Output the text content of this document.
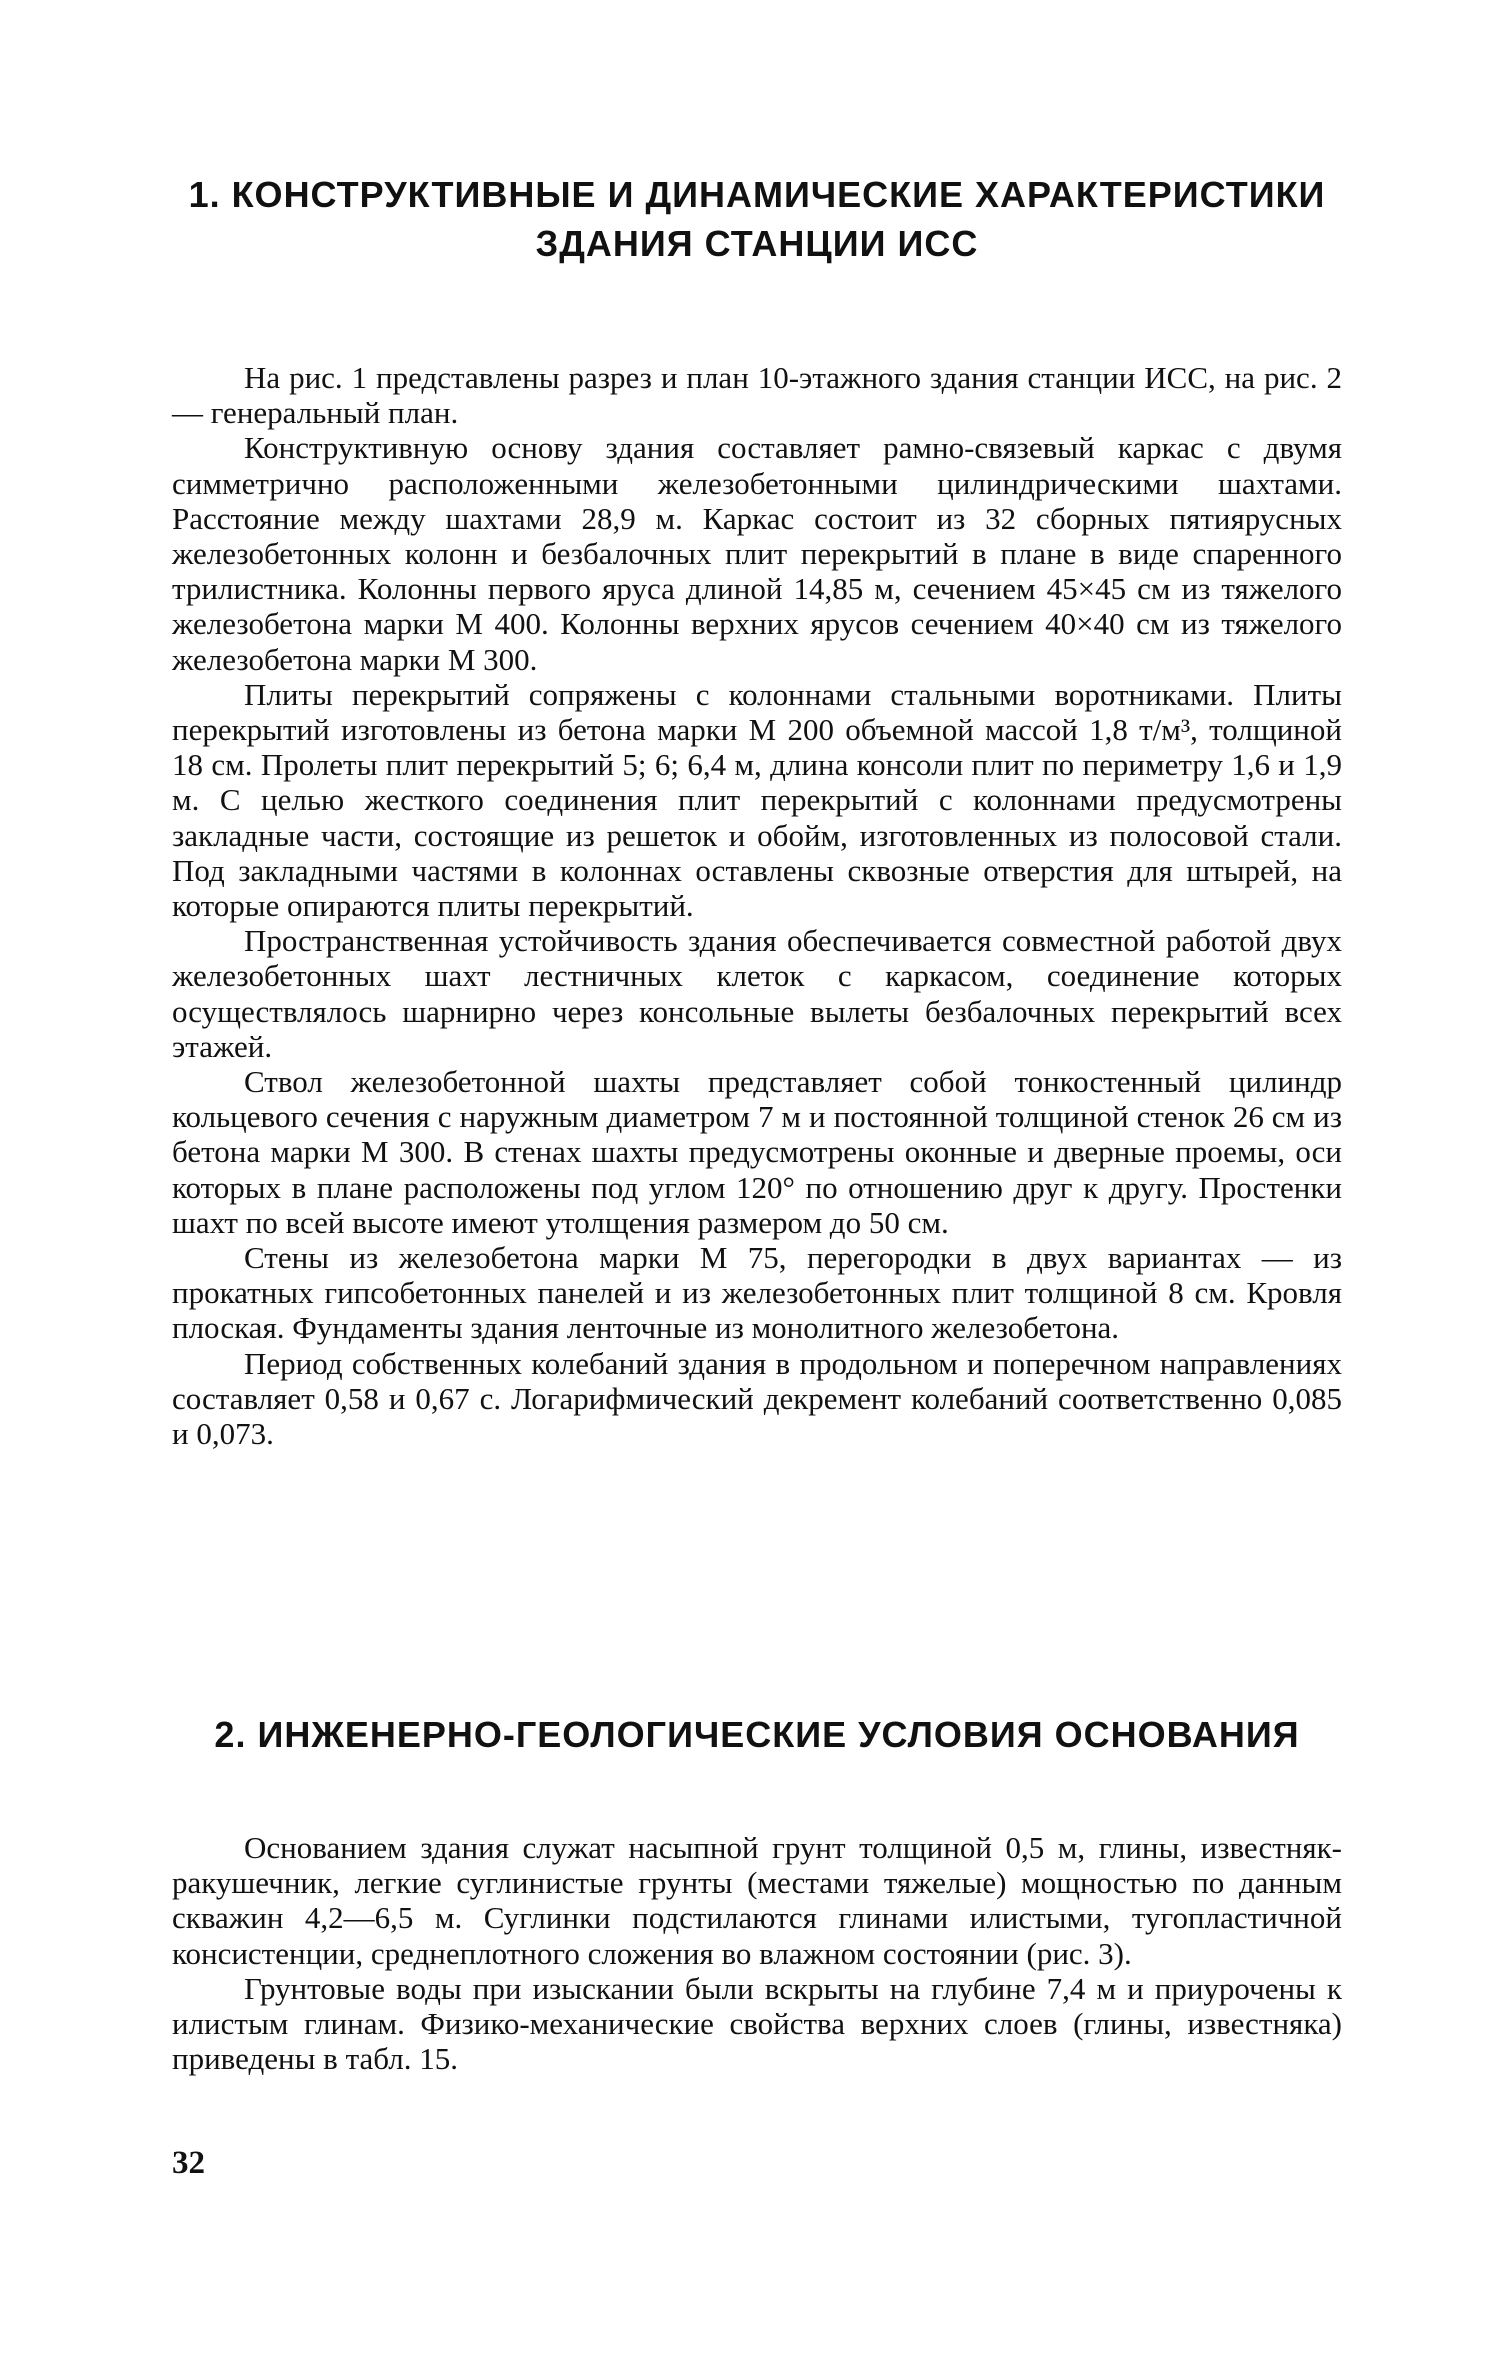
1. КОНСТРУКТИВНЫЕ И ДИНАМИЧЕСКИЕ ХАРАКТЕРИСТИКИ
ЗДАНИЯ СТАНЦИИ ИСС

На рис. 1 представлены разрез и план 10-этажного здания станции ИСС, на рис. 2 — генеральный план.

Конструктивную основу здания составляет рамно-связевый каркас с двумя симметрично расположенными железобетонными цилиндрическими шахтами. Расстояние между шахтами 28,9 м. Каркас состоит из 32 сборных пятиярусных железобетонных колонн и безбалочных плит перекрытий в плане в виде спаренного трилистника. Колонны первого яруса длиной 14,85 м, сечением 45×45 см из тяжелого железобетона марки М 400. Колонны верхних ярусов сечением 40×40 см из тяжелого железобетона марки М 300.

Плиты перекрытий сопряжены с колоннами стальными воротниками. Плиты перекрытий изготовлены из бетона марки М 200 объемной массой 1,8 т/м³, толщиной 18 см. Пролеты плит перекрытий 5; 6; 6,4 м, длина консоли плит по периметру 1,6 и 1,9 м. С целью жесткого соединения плит перекрытий с колоннами предусмотрены закладные части, состоящие из решеток и обойм, изготовленных из полосовой стали. Под закладными частями в колоннах оставлены сквозные отверстия для штырей, на которые опираются плиты перекрытий.

Пространственная устойчивость здания обеспечивается совместной работой двух железобетонных шахт лестничных клеток с каркасом, соединение которых осуществлялось шарнирно через консольные вылеты безбалочных перекрытий всех этажей.

Ствол железобетонной шахты представляет собой тонкостенный цилиндр кольцевого сечения с наружным диаметром 7 м и постоянной толщиной стенок 26 см из бетона марки М 300. В стенах шахты предусмотрены оконные и дверные проемы, оси которых в плане расположены под углом 120° по отношению друг к другу. Простенки шахт по всей высоте имеют утолщения размером до 50 см.

Стены из железобетона марки М 75, перегородки в двух вариантах — из прокатных гипсобетонных панелей и из железобетонных плит толщиной 8 см. Кровля плоская. Фундаменты здания ленточные из монолитного железобетона.

Период собственных колебаний здания в продольном и поперечном направлениях составляет 0,58 и 0,67 с. Логарифмический декремент колебаний соответственно 0,085 и 0,073.

2. ИНЖЕНЕРНО-ГЕОЛОГИЧЕСКИЕ УСЛОВИЯ ОСНОВАНИЯ

Основанием здания служат насыпной грунт толщиной 0,5 м, глины, известняк-ракушечник, легкие суглинистые грунты (местами тяжелые) мощностью по данным скважин 4,2—6,5 м. Суглинки подстилаются глинами илистыми, тугопластичной консистенции, среднеплотного сложения во влажном состоянии (рис. 3).

Грунтовые воды при изыскании были вскрыты на глубине 7,4 м и приурочены к илистым глинам. Физико-механические свойства верхних слоев (глины, известняка) приведены в табл. 15.

32
